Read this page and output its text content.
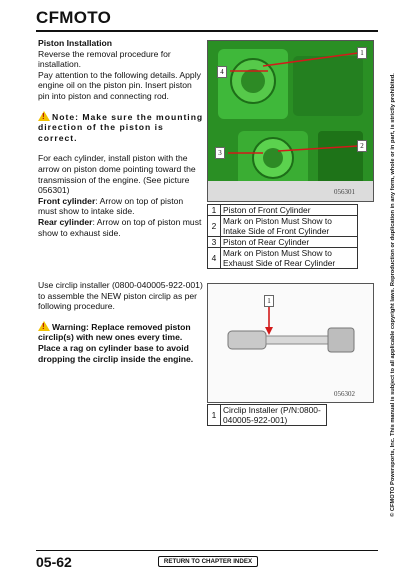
CFMOTO

Piston Installation

Reverse the removal procedure for installation.

Pay attention to the following details. Apply engine oil on the piston pin. Insert piston pin into piston and connecting rod.

!Note: Make sure the mounting direction of the piston is correct.

For each cylinder, install piston with the arrow on piston dome pointing toward the transmission of the engine. (See picture 056301)

Front cylinder: Arrow on top of piston must show to intake side.

Rear cylinder: Arrow on top of piston must show to exhaust side.

1
4
2
3
056301
1	Piston of Front Cylinder
2	Mark on Piston Must Show to Intake Side of Front Cylinder
3	Piston of Rear Cylinder
4	Mark on Piston Must Show to Exhaust Side of Rear Cylinder

Use circlip installer (0800-040005-922-001) to assemble the NEW piston circlip as per following procedure.

!Warning: Replace removed piston circlip(s) with new ones every time. Place a rag on cylinder base to avoid dropping the circlip inside the engine.

1
056302
1	Circlip Installer (P/N:0800-040005-922-001)	© CFMOTO Powersports, Inc. This manual is subject to all applicable copyright laws. Reproduction or duplication in any form, whole or in part, is strictly prohibited.
05-62	RETURN TO CHAPTER INDEX
